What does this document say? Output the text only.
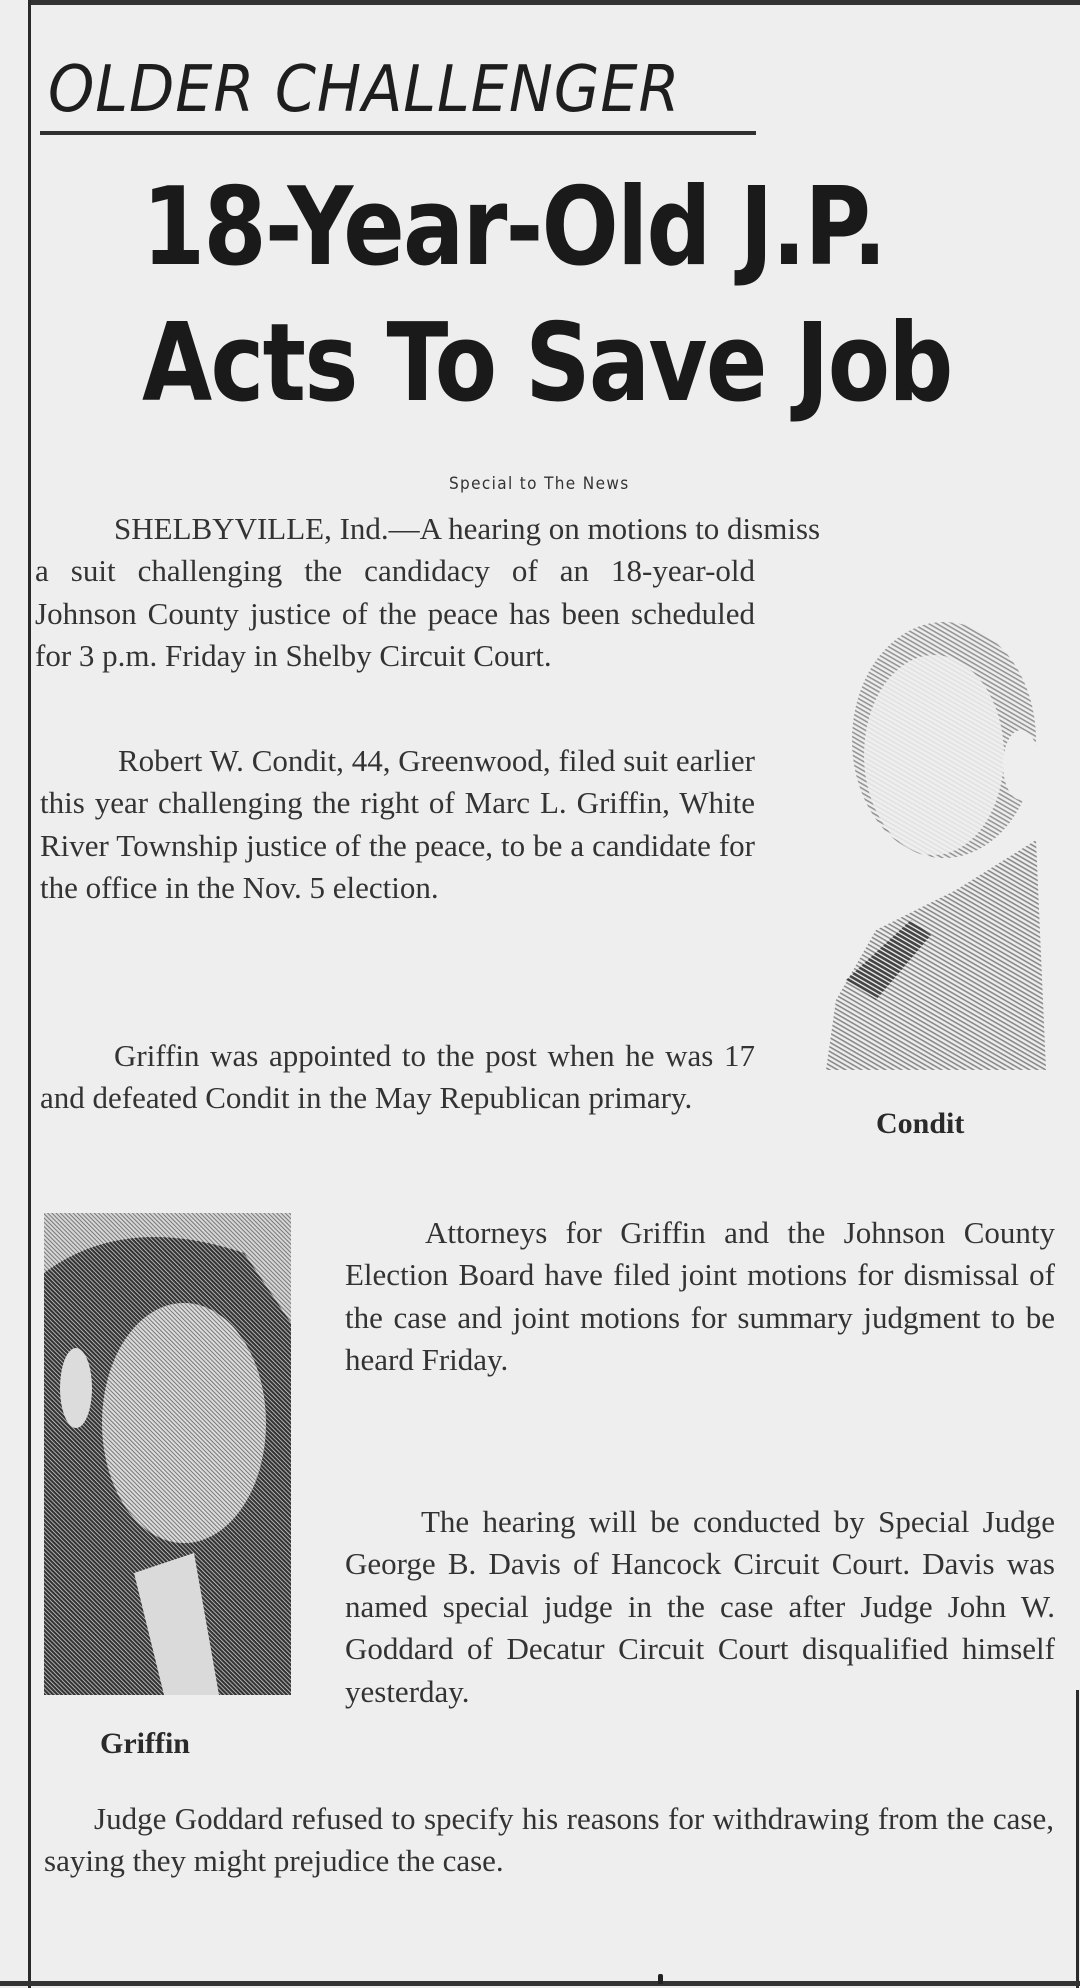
OLDER CHALLENGER
18-Year-Old J.P.
Acts To Save Job
Special to The News
SHELBYVILLE, Ind.—A hearing on motions to dismiss
a suit challenging the candidacy of an 18-year-old Johnson County justice of the peace has been scheduled for 3 p.m. Friday in Shelby Circuit Court.
Robert W. Condit, 44, Greenwood, filed suit earlier this year challenging the right of Marc L. Griffin, White River Township justice of the peace, to be a candidate for the office in the Nov. 5 election.
Griffin was appointed to the post when he was 17 and defeated Condit in the May Republican primary.
Condit
Griffin
Attorneys for Griffin and the Johnson County Election Board have filed joint motions for dismissal of the case and joint motions for summary judgment to be heard Friday.
The hearing will be conducted by Special Judge George B. Davis of Hancock Circuit Court. Davis was named special judge in the case after Judge John W. Goddard of Decatur Circuit Court disqualified himself yesterday.
Judge Goddard refused to specify his reasons for withdrawing from the case, saying they might prejudice the case.
